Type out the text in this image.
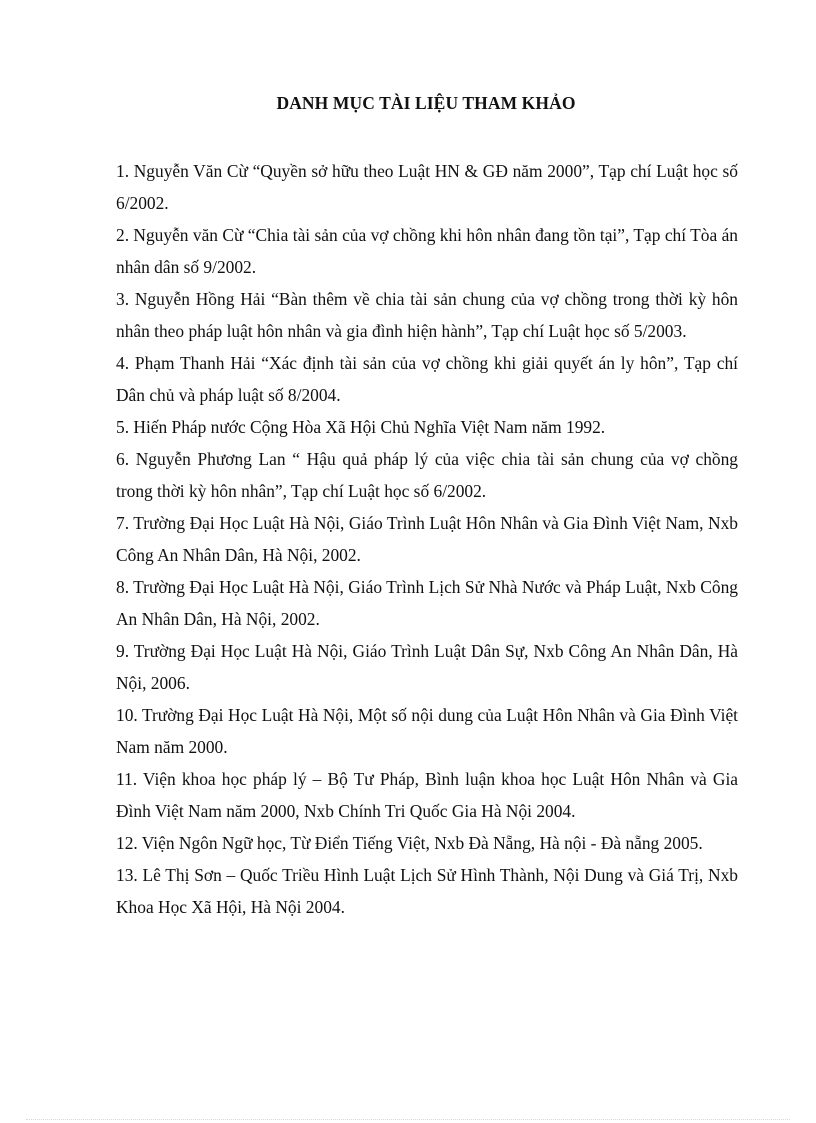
DANH MỤC TÀI LIỆU THAM KHẢO
1. Nguyễn Văn Cừ “Quyền sở hữu theo Luật HN & GĐ năm 2000”, Tạp chí Luật học số 6/2002.
2. Nguyễn văn Cừ “Chia tài sản của vợ chồng khi hôn nhân đang tồn tại”, Tạp chí Tòa án nhân dân số 9/2002.
3. Nguyễn Hồng Hải “Bàn thêm về chia tài sản chung của vợ chồng trong thời kỳ hôn nhân theo pháp luật hôn nhân và gia đình hiện hành”, Tạp chí Luật học số 5/2003.
4. Phạm Thanh Hải “Xác định tài sản của vợ chồng khi giải quyết án ly hôn”, Tạp chí Dân chủ và pháp luật số 8/2004.
5. Hiến Pháp nước Cộng Hòa Xã Hội Chủ Nghĩa Việt Nam năm 1992.
6. Nguyễn Phương Lan “ Hậu quả pháp lý của việc chia tài sản chung của vợ chồng trong thời kỳ hôn nhân”, Tạp chí Luật học số 6/2002.
7. Trường Đại Học Luật Hà Nội, Giáo Trình Luật Hôn Nhân và Gia Đình Việt Nam, Nxb Công An Nhân Dân, Hà Nội, 2002.
8. Trường Đại Học Luật Hà Nội, Giáo Trình Lịch Sử Nhà Nước và Pháp Luật, Nxb Công An Nhân Dân, Hà Nội, 2002.
9. Trường Đại Học Luật Hà Nội, Giáo Trình Luật Dân Sự, Nxb Công An Nhân Dân, Hà Nội, 2006.
10. Trường Đại Học Luật Hà Nội, Một số nội dung của Luật Hôn Nhân và Gia Đình Việt Nam năm 2000.
11. Viện khoa học pháp lý – Bộ Tư Pháp, Bình luận khoa học Luật Hôn Nhân và Gia Đình Việt Nam năm 2000, Nxb Chính Tri Quốc Gia Hà Nội 2004.
12. Viện Ngôn Ngữ học, Từ Điển Tiếng Việt, Nxb Đà Nẵng, Hà nội - Đà nẵng 2005.
13. Lê Thị Sơn – Quốc Triều Hình Luật Lịch Sử Hình Thành, Nội Dung và Giá Trị, Nxb Khoa Học Xã Hội, Hà Nội 2004.
